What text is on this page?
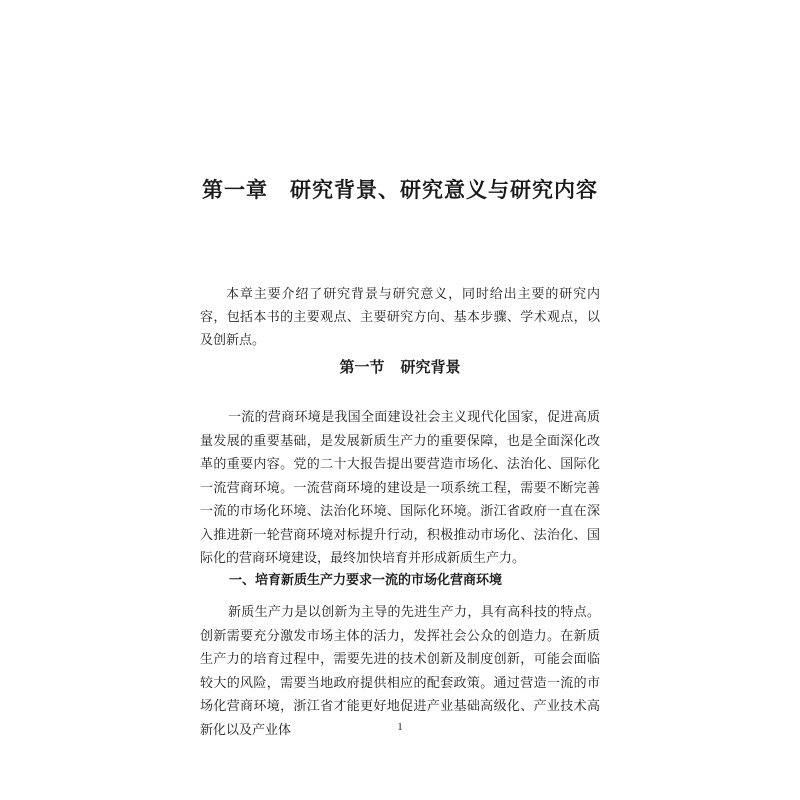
第一章 研究背景、研究意义与研究内容

本章主要介绍了研究背景与研究意义，同时给出主要的研究内容，包括本书的主要观点、主要研究方向、基本步骤、学术观点，以及创新点。

第一节 研究背景

一流的营商环境是我国全面建设社会主义现代化国家，促进高质量发展的重要基础，是发展新质生产力的重要保障，也是全面深化改革的重要内容。党的二十大报告提出要营造市场化、法治化、国际化一流营商环境。一流营商环境的建设是一项系统工程，需要不断完善一流的市场化环境、法治化环境、国际化环境。浙江省政府一直在深入推进新一轮营商环境对标提升行动，积极推动市场化、法治化、国际化的营商环境建设，最终加快培育并形成新质生产力。

一、培育新质生产力要求一流的市场化营商环境

新质生产力是以创新为主导的先进生产力，具有高科技的特点。创新需要充分激发市场主体的活力，发挥社会公众的创造力。在新质生产力的培育过程中，需要先进的技术创新及制度创新，可能会面临较大的风险，需要当地政府提供相应的配套政策。通过营造一流的市场化营商环境，浙江省才能更好地促进产业基础高级化、产业技术高新化以及产业体	1
